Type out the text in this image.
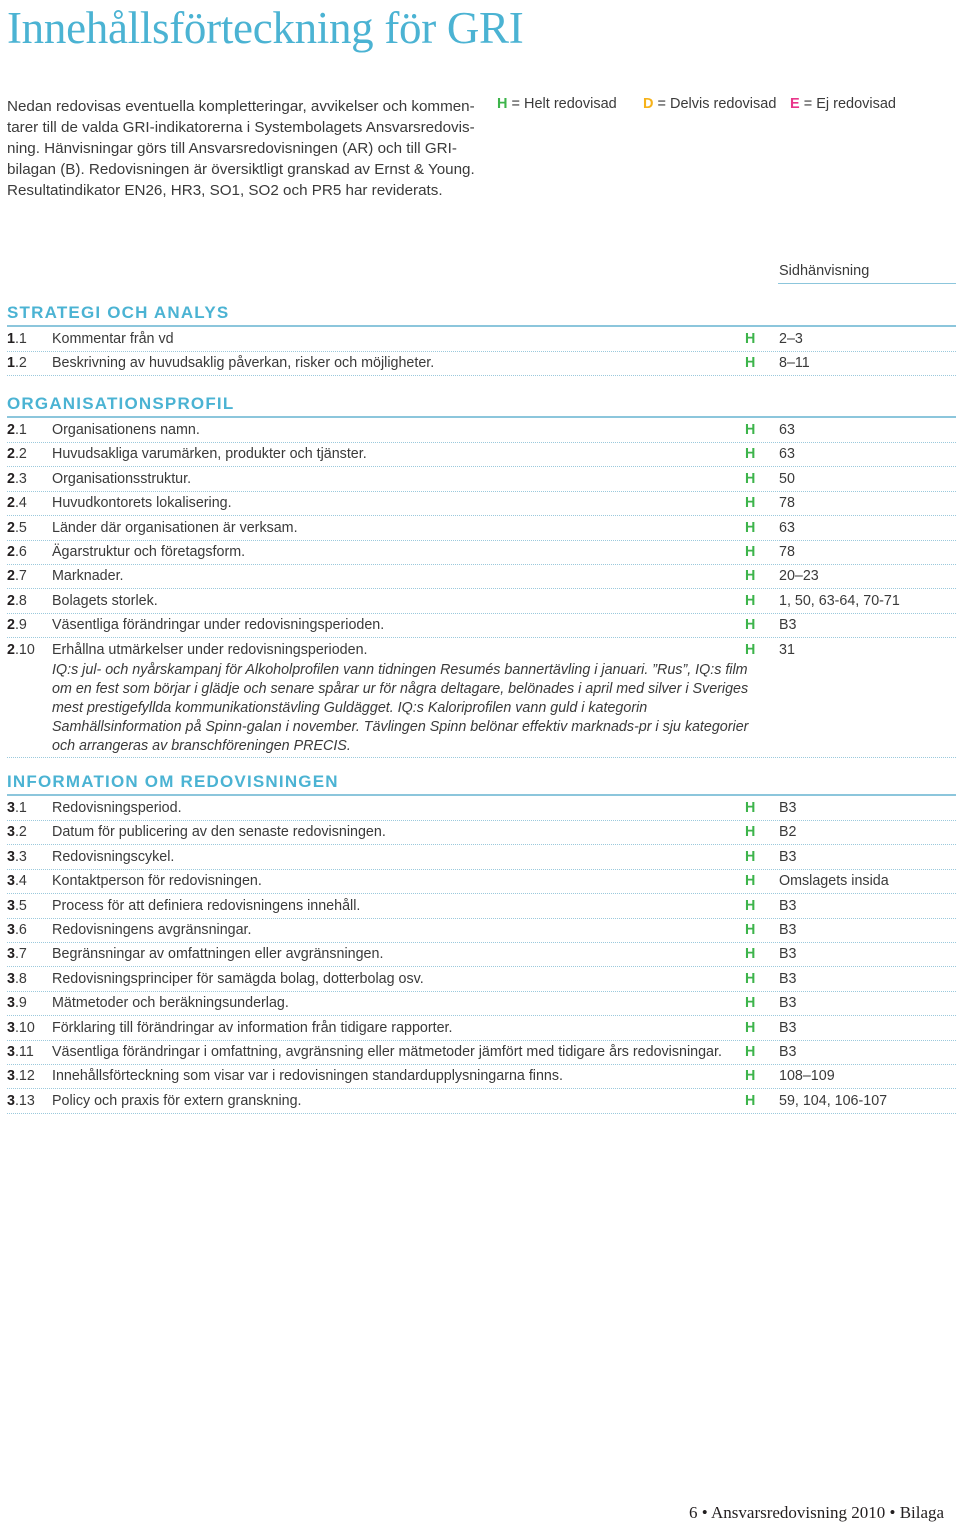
Innehållsförteckning för GRI
Nedan redovisas eventuella kompletteringar, avvikelser och kommen-
tarer till de valda GRI-indikatorerna i Systembolagets Ansvarsredovis-
ning. Hänvisningar görs till Ansvarsredovisningen (AR) och till GRI-
bilagan (B). Redovisningen är översiktligt granskad av Ernst & Young.
Resultatindikator EN26, HR3, SO1, SO2 och PR5 har reviderats.
H = Helt redovisad D = Delvis redovisad E = Ej redovisad
Sidhänvisning
STRATEGI OCH ANALYS
1.1 Kommentar från vd	H 2–3
1.2 Beskrivning av huvudsaklig påverkan, risker och möjligheter.	H 8–11
ORGANISATIONSPROFIL
2.1 Organisationens namn.	H 63
2.2 Huvudsakliga varumärken, produkter och tjänster.	H 63
2.3 Organisationsstruktur.	H 50
2.4 Huvudkontorets lokalisering.	H 78
2.5 Länder där organisationen är verksam.	H 63
2.6 Ägarstruktur och företagsform.	H 78
2.7 Marknader.	H 20–23
2.8 Bolagets storlek.	H 1, 50, 63-64, 70-71
2.9 Väsentliga förändringar under redovisningsperioden.	H B3
2.10 Erhållna utmärkelser under redovisningsperioden.	H 31
IQ:s jul- och nyårskampanj för Alkoholprofilen vann tidningen Resumés bannertävling i januari. ”Rus”, IQ:s film
om en fest som börjar i glädje och senare spårar ur för några deltagare, belönades i april med silver i Sveriges
mest prestigefyllda kommunikationstävling Guldägget. IQ:s Kaloriprofilen vann guld i kategorin
Samhällsinformation på Spinn-galan i november. Tävlingen Spinn belönar effektiv marknads-pr i sju kategorier
och arrangeras av branschföreningen PRECIS.
INFORMATION OM REDOVISNINGEN
3.1 Redovisningsperiod.	H B3
3.2 Datum för publicering av den senaste redovisningen.	H B2
3.3 Redovisningscykel.	H B3
3.4 Kontaktperson för redovisningen.	H Omslagets insida
3.5 Process för att definiera redovisningens innehåll.	H B3
3.6 Redovisningens avgränsningar.	H B3
3.7 Begränsningar av omfattningen eller avgränsningen.	H B3
3.8 Redovisningsprinciper för samägda bolag, dotterbolag osv.	H B3
3.9 Mätmetoder och beräkningsunderlag.	H B3
3.10 Förklaring till förändringar av information från tidigare rapporter.	H B3
3.11 Väsentliga förändringar i omfattning, avgränsning eller mätmetoder jämfört med tidigare års redovisningar. H B3
3.12 Innehållsförteckning som visar var i redovisningen standardupplysningarna finns.	H 108–109
3.13 Policy och praxis för extern granskning.	H 59, 104, 106-107
6 • Ansvarsredovisning 2010 • Bilaga
